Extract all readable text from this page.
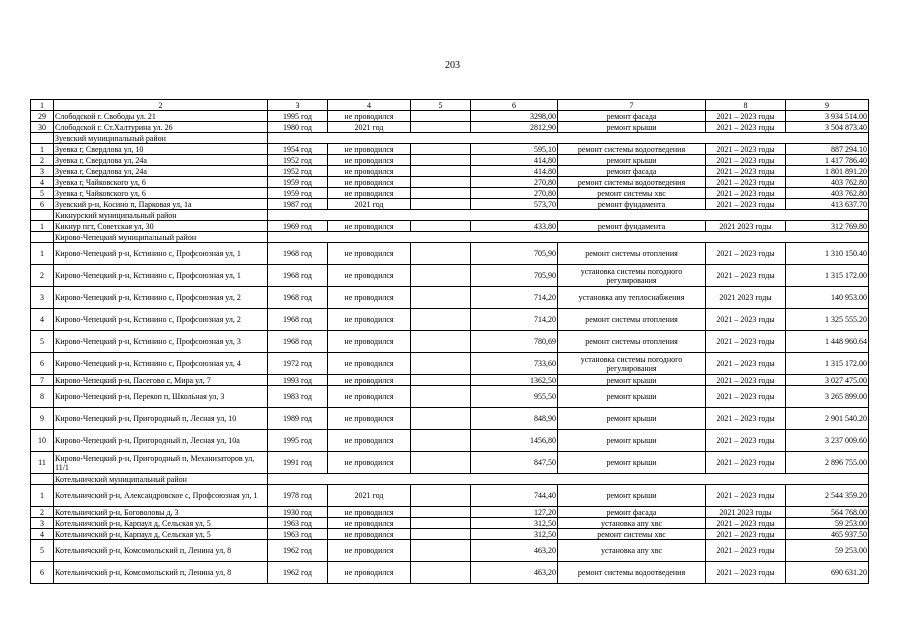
203
1	2	3	4	5	6	7	8	9
29	Слободской г. Свободы ул. 21	1995 год	не проводился		3298,00	ремонт фасада	2021 – 2023 годы	3 934 514.00
30	Слободской г. Ст.Халтурина ул. 26	1980 год	2021 год		2812,90	ремонт крыши	2021 – 2023 годы	3 504 873.40
	Зуевский муниципальный район							
1	Зуевка г, Свердлова ул, 10	1954 год	не проводился		595,10	ремонт системы водоотведения	2021 – 2023 годы	887 294.10
2	Зуевка г, Свердлова ул, 24а	1952 год	не проводился		414,80	ремонт крыши	2021 – 2023 годы	1 417 786.40
3	Зуевка г, Свердлова ул, 24а	1952 год	не проводился		414.80	ремонт фасада	2021 – 2023 годы	1 801 891.20
4	Зуевка г, Чайковского ул, 6	1959 год	не проводился		270,80	ремонт системы водоотведения	2021 – 2023 годы	403 762.80
5	Зуевка г, Чайковского ул, 6	1959 год	не проводился		270,80	ремонт системы хвс	2021 – 2023 годы	403 762.80
6	Зуевский р-н, Косино п, Парковая ул, 1а	1987 год	2021 год		573,70	ремонт фундамента	2021 – 2023 годы	413 637.70
	Кикнурский муниципальный район							
1	Кикнур пгт, Советская ул, 30	1969 год	не проводился		433.80	ремонт фундамента	2021 2023 годы	312 769.80
	Кирово-Чепецкий муниципальный район							
1	Кирово-Чепецкий р-н, Кстинино с, Профсоюзная ул, 1	1968 год	не проводился		705,90	ремонт системы отопления	2021 – 2023 годы	1 310 150.40
2	Кирово-Чепецкий р-н, Кстинино с, Профсоюзная ул, 1	1968 год	не проводился		705,90	установка системы погодного регулирования	2021 – 2023 годы	1 315 172.00
3	Кирово-Чепецкий р-н, Кстинино с, Профсоюзная ул, 2	1968 год	не проводился		714,20	установка апу теплоснабжения	2021 2023 годы	140 953.00
4	Кирово-Чепецкий р-н, Кстинино с, Профсоюзная ул, 2	1968 год	не проводился		714,20	ремонт системы отопления	2021 – 2023 годы	1 325 555.20
5	Кирово-Чепецкий р-н, Кстинино с, Профсоюзная ул, 3	1968 год	не проводился		780,69	ремонт системы отопления	2021 – 2023 годы	1 448 960.64
6	Кирово-Чепецкий р-н, Кстинино с, Профсоюзная ул, 4	1972 год	не проводился		733,60	установка системы погодного регулирования	2021 – 2023 годы	1 315 172.00
7	Кирово-Чепецкий р-н, Пасегово с, Мира ул, 7	1993 год	не проводился		1362,50	ремонт крыши	2021 – 2023 годы	3 027 475.00
8	Кирово-Чепецкий р-н, Перекоп п, Школьная ул, 3	1983 год	не проводился		955,50	ремонт крыши	2021 – 2023 годы	3 265 899.00
9	Кирово-Чепецкий р-н, Пригородный п, Лесная ул, 10	1989 год	не проводился		848,90	ремонт крыши	2021 – 2023 годы	2 901 540.20
10	Кирово-Чепецкий р-н, Пригородный п, Лесная ул, 10а	1995 год	не проводился		1456,80	ремонт крыши	2021 – 2023 годы	3 237 009.60
11	Кирово-Чепецкий р-н, Пригородный п, Механизаторов ул, 11/1	1991 год	не проводился		847,50	ремонт крыши	2021 – 2023 годы	2 896 755.00
	Котельничский муниципальный район							
1	Котельничский р-н, Александровское с, Профсоюзная ул, 1	1978 год	2021 год		744,40	ремонт крыши	2021 – 2023 годы	2 544 359.20
2	Котельничский р-н, Боговоловы д, 3	1930 год	не проводился		127,20	ремонт фасада	2021 2023 годы	564 768.00
3	Котельничский р-н, Карпаул д, Сельская ул, 5	1963 год	не проводился		312,50	установка апу хвс	2021 – 2023 годы	59 253.00
4	Котельничский р-н, Карпаул д, Сельская ул, 5	1963 год	не проводился		312,50	ремонт системы хвс	2021 – 2023 годы	465 937.50
5	Котельничский р-н, Комсомольский п, Ленина ул, 8	1962 год	не проводился		463,20	установка апу хвс	2021 – 2023 годы	59 253.00
6	Котельничский р-н, Комсомольский п, Ленина ул, 8	1962 год	не проводился		463,20	ремонт системы водоотведения	2021 – 2023 годы	690 631.20
